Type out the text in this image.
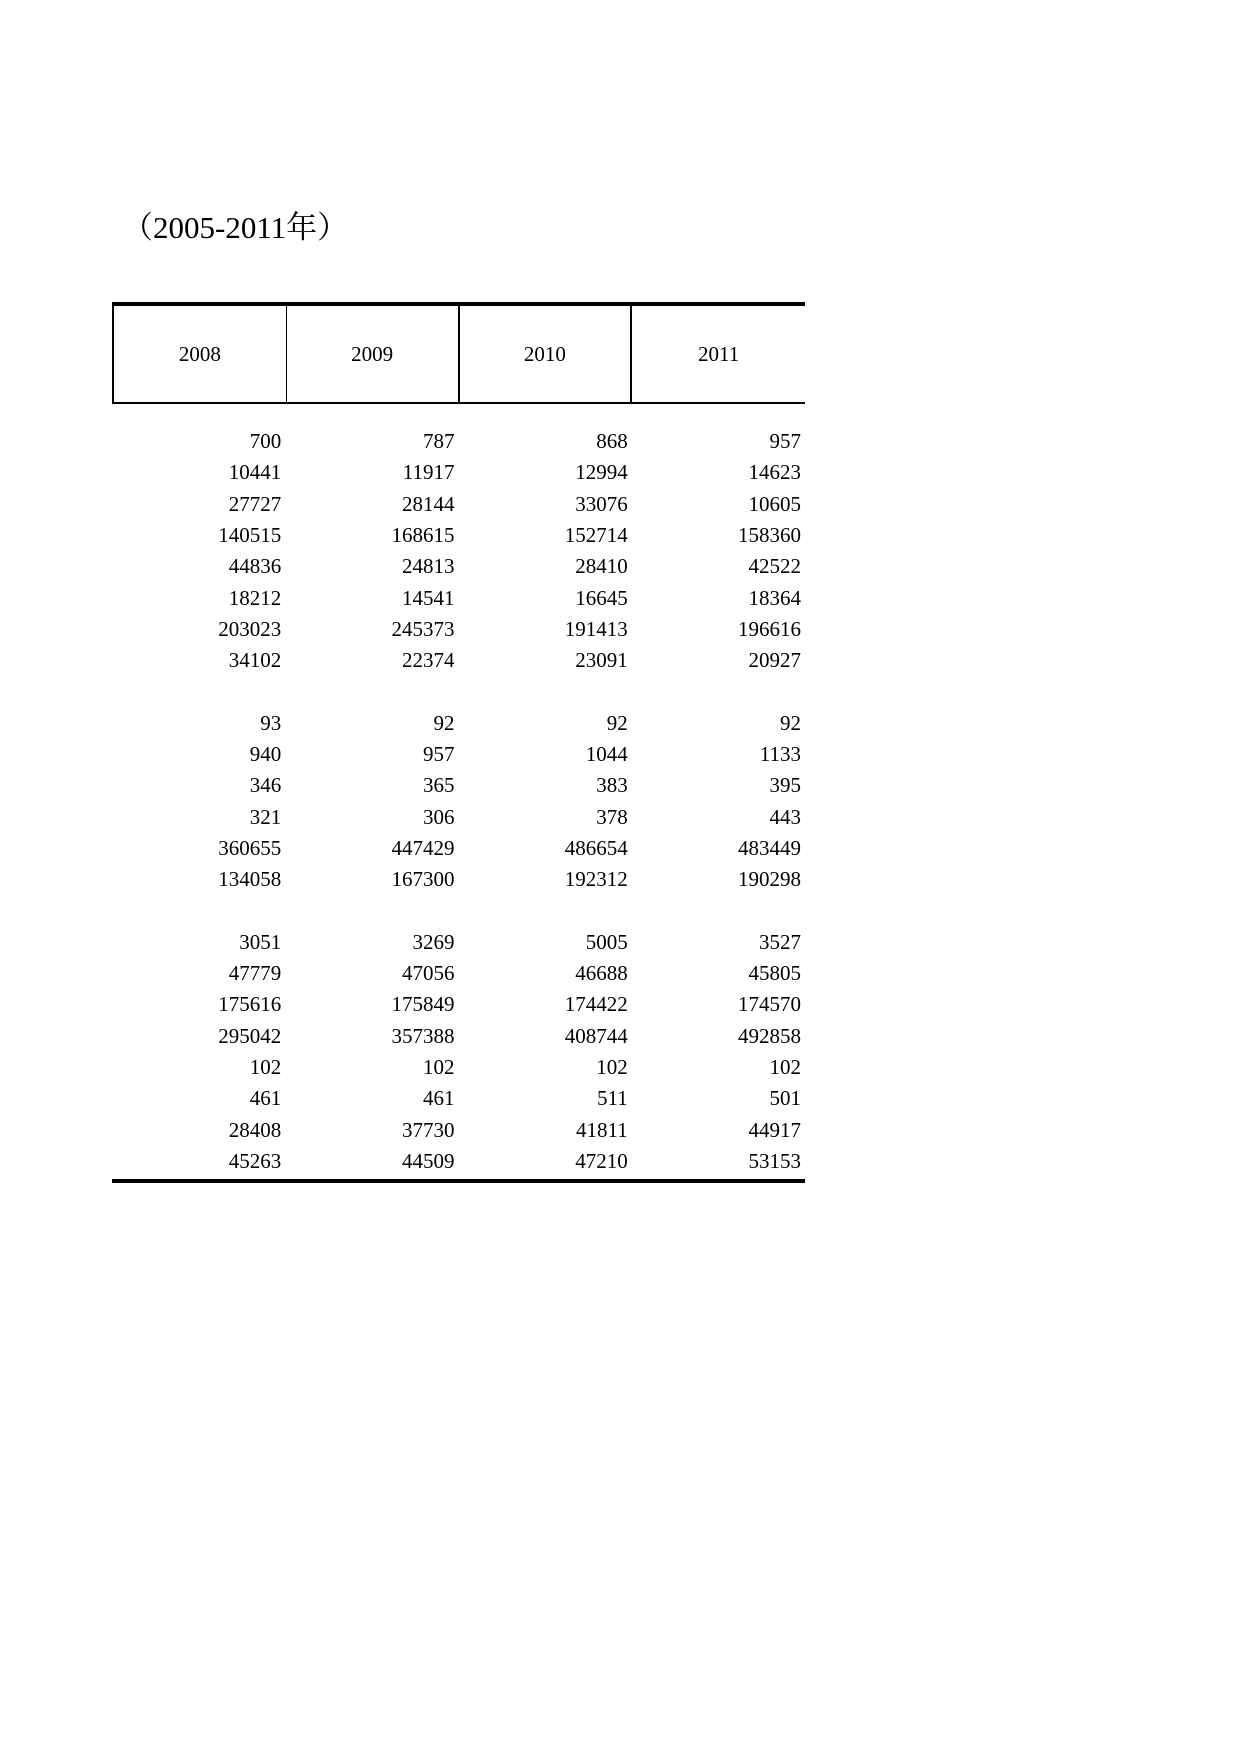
（2005-2011年）
2008	2009	2010	2011
700	787	868	957
10441	11917	12994	14623
27727	28144	33076	10605
140515	168615	152714	158360
44836	24813	28410	42522
18212	14541	16645	18364
203023	245373	191413	196616
34102	22374	23091	20927
93	92	92	92
940	957	1044	1133
346	365	383	395
321	306	378	443
360655	447429	486654	483449
134058	167300	192312	190298
3051	3269	5005	3527
47779	47056	46688	45805
175616	175849	174422	174570
295042	357388	408744	492858
102	102	102	102
461	461	511	501
28408	37730	41811	44917
45263	44509	47210	53153
